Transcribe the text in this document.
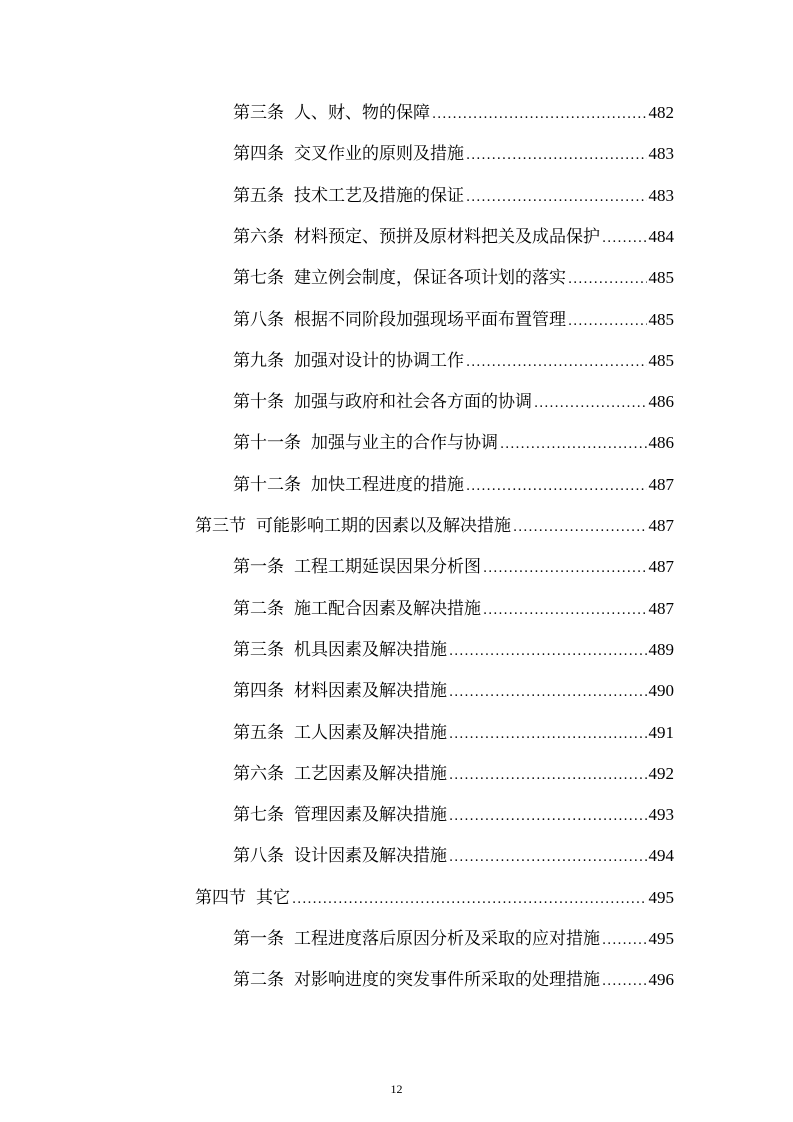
第三条 人、财、物的保障 .....	482
第四条 交叉作业的原则及措施 .....	483
第五条 技术工艺及措施的保证 .....	483
第六条 材料预定、预拼及原材料把关及成品保护 .....	484
第七条 建立例会制度，保证各项计划的落实 .....	485
第八条 根据不同阶段加强现场平面布置管理 .....	485
第九条 加强对设计的协调工作 .....	485
第十条 加强与政府和社会各方面的协调 .....	486
第十一条 加强与业主的合作与协调 .....	486
第十二条 加快工程进度的措施 .....	487
第三节 可能影响工期的因素以及解决措施 .....	487
第一条 工程工期延误因果分析图 .....	487
第二条 施工配合因素及解决措施 .....	487
第三条 机具因素及解决措施 .....	489
第四条 材料因素及解决措施 .....	490
第五条 工人因素及解决措施 .....	491
第六条 工艺因素及解决措施 .....	492
第七条 管理因素及解决措施 .....	493
第八条 设计因素及解决措施 .....	494
第四节 其它 .....	495
第一条 工程进度落后原因分析及采取的应对措施 .....	495
第二条 对影响进度的突发事件所采取的处理措施 .....	496
12
